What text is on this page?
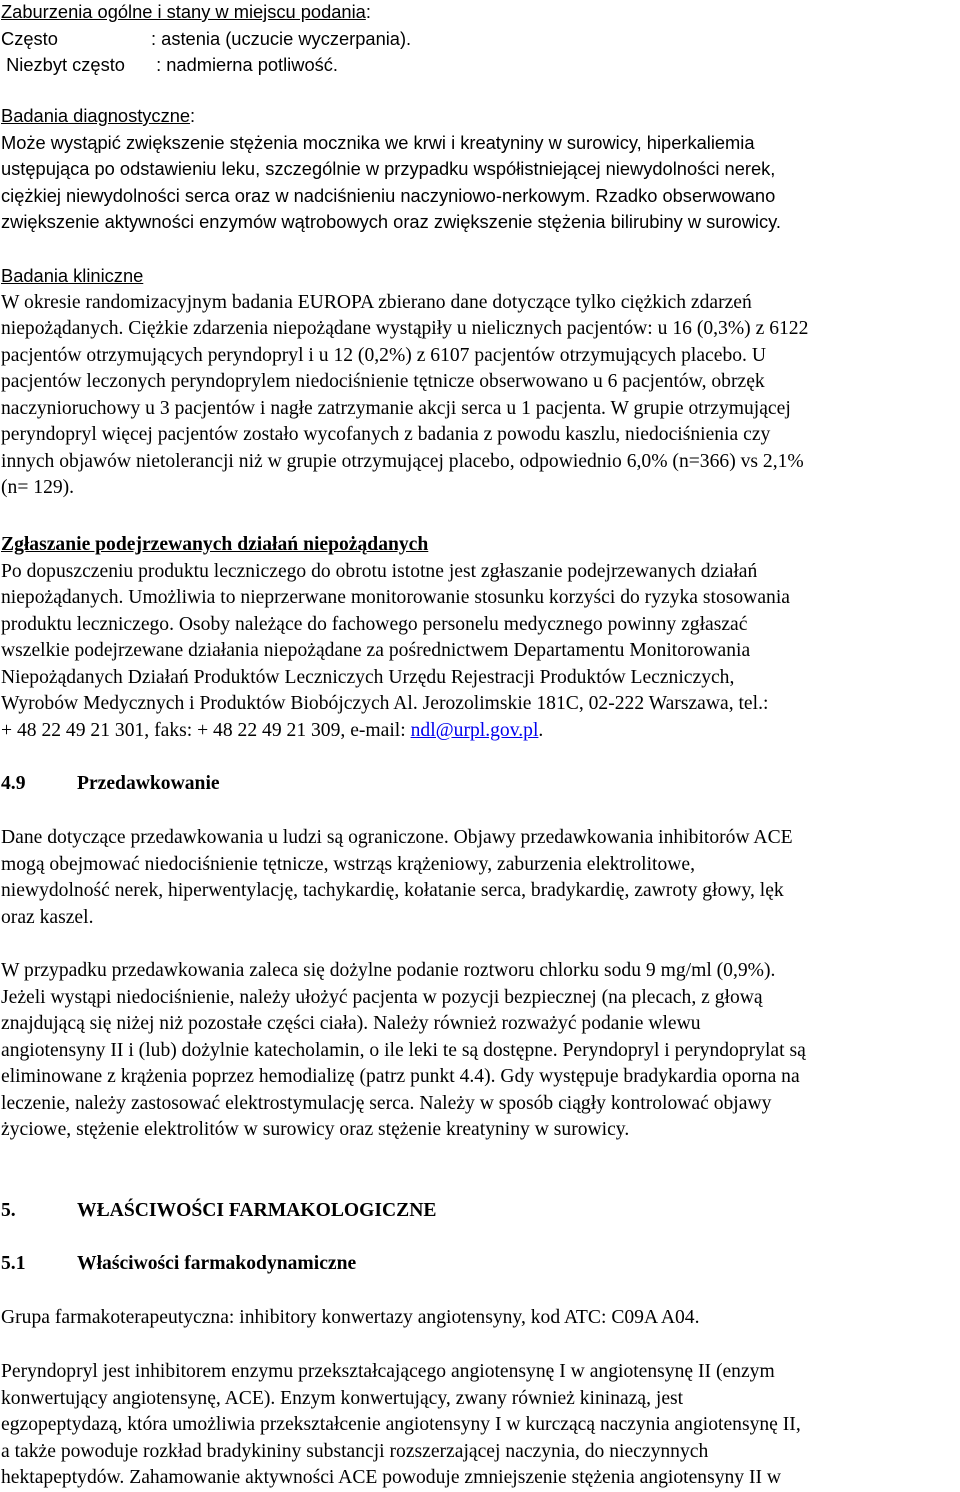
Zaburzenia ogólne i stany w miejscu podania:

Często	: astenia (uczucie wyczerpania).

Niezbyt często	: nadmierna potliwość.

Badania diagnostyczne:

Może wystąpić zwiększenie stężenia mocznika we krwi i kreatyniny w surowicy, hiperkaliemia

ustępująca po odstawieniu leku, szczególnie w przypadku współistniejącej niewydolności nerek,

ciężkiej niewydolności serca oraz w nadciśnieniu naczyniowo-nerkowym. Rzadko obserwowano

zwiększenie aktywności enzymów wątrobowych oraz zwiększenie stężenia bilirubiny w surowicy.

Badania kliniczne

W okresie randomizacyjnym badania EUROPA zbierano dane dotyczące tylko ciężkich zdarzeń

niepożądanych. Ciężkie zdarzenia niepożądane wystąpiły u nielicznych pacjentów: u 16 (0,3%) z 6122

pacjentów otrzymujących peryndopryl i u 12 (0,2%) z 6107 pacjentów otrzymujących placebo. U

pacjentów leczonych peryndoprylem niedociśnienie tętnicze obserwowano u 6 pacjentów, obrzęk

naczynioruchowy u 3 pacjentów i nagłe zatrzymanie akcji serca u 1 pacjenta. W grupie otrzymującej

peryndopryl więcej pacjentów zostało wycofanych z badania z powodu kaszlu, niedociśnienia czy

innych objawów nietolerancji niż w grupie otrzymującej placebo, odpowiednio 6,0% (n=366) vs 2,1%

(n= 129).

Zgłaszanie podejrzewanych działań niepożądanych

Po dopuszczeniu produktu leczniczego do obrotu istotne jest zgłaszanie podejrzewanych działań

niepożądanych. Umożliwia to nieprzerwane monitorowanie stosunku korzyści do ryzyka stosowania

produktu leczniczego. Osoby należące do fachowego personelu medycznego powinny zgłaszać

wszelkie podejrzewane działania niepożądane za pośrednictwem Departamentu Monitorowania

Niepożądanych Działań Produktów Leczniczych Urzędu Rejestracji Produktów Leczniczych,

Wyrobów Medycznych i Produktów Biobójczych Al. Jerozolimskie 181C, 02-222 Warszawa, tel.:

+ 48 22 49 21 301, faks: + 48 22 49 21 309, e-mail: ndl@urpl.gov.pl.

4.9	Przedawkowanie

Dane dotyczące przedawkowania u ludzi są ograniczone. Objawy przedawkowania inhibitorów ACE

mogą obejmować niedociśnienie tętnicze, wstrząs krążeniowy, zaburzenia elektrolitowe,

niewydolność nerek, hiperwentylację, tachykardię, kołatanie serca, bradykardię, zawroty głowy, lęk

oraz kaszel.

W przypadku przedawkowania zaleca się dożylne podanie roztworu chlorku sodu 9 mg/ml (0,9%).

Jeżeli wystąpi niedociśnienie, należy ułożyć pacjenta w pozycji bezpiecznej (na plecach, z głową

znajdującą się niżej niż pozostałe części ciała). Należy również rozważyć podanie wlewu

angiotensyny II i (lub) dożylnie katecholamin, o ile leki te są dostępne. Peryndopryl i peryndoprylat są

eliminowane z krążenia poprzez hemodializę (patrz punkt 4.4). Gdy występuje bradykardia oporna na

leczenie, należy zastosować elektrostymulację serca. Należy w sposób ciągły kontrolować objawy

życiowe, stężenie elektrolitów w surowicy oraz stężenie kreatyniny w surowicy.

5.	WŁAŚCIWOŚCI FARMAKOLOGICZNE

5.1	Właściwości farmakodynamiczne

Grupa farmakoterapeutyczna: inhibitory konwertazy angiotensyny, kod ATC: C09A A04.

Peryndopryl jest inhibitorem enzymu przekształcającego angiotensynę I w angiotensynę II (enzym

konwertujący angiotensynę, ACE). Enzym konwertujący, zwany również kininazą, jest

egzopeptydazą, która umożliwia przekształcenie angiotensyny I w kurczącą naczynia angiotensynę II,

a także powoduje rozkład bradykininy substancji rozszerzającej naczynia, do nieczynnych

hektapeptydów. Zahamowanie aktywności ACE powoduje zmniejszenie stężenia angiotensyny II w
